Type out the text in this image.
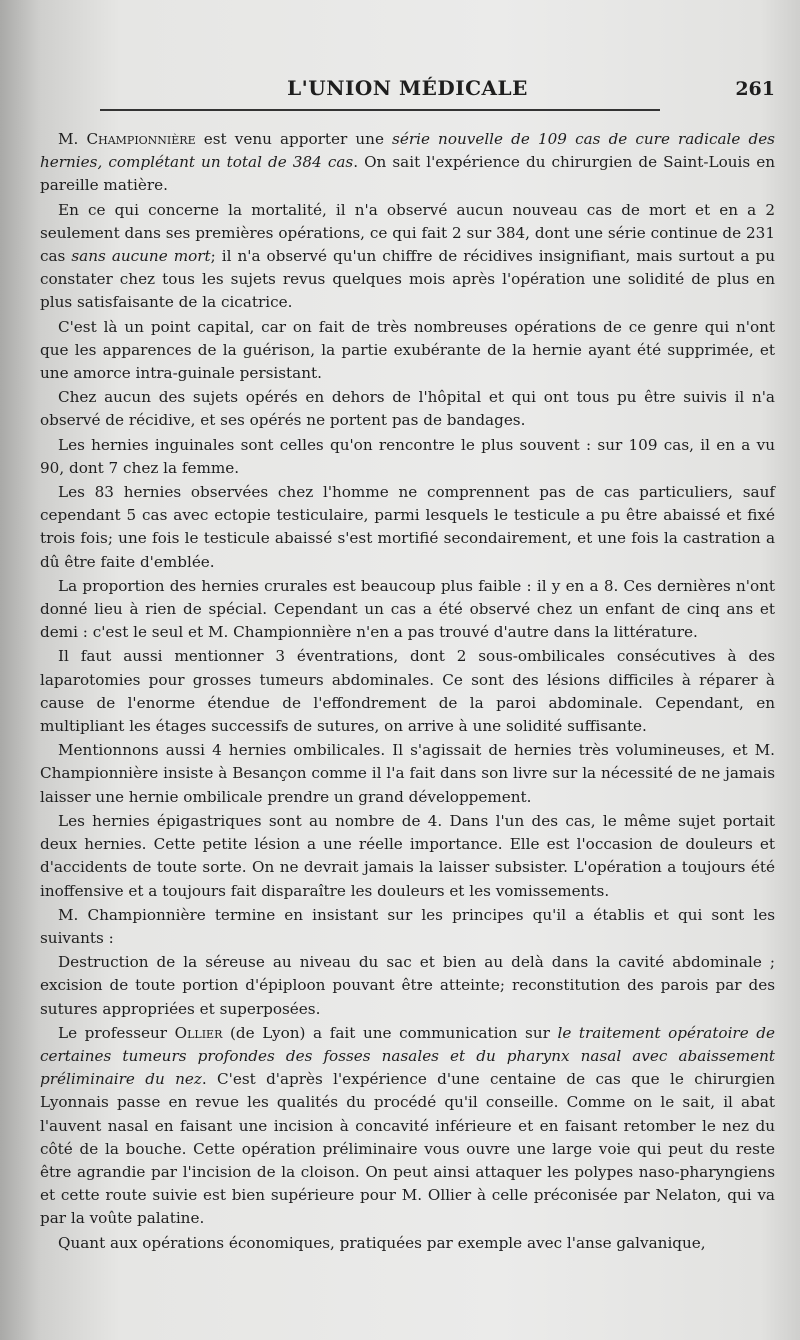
L'UNION MÉDICALE	261

M. Championnière est venu apporter une série nouvelle de 109 cas de cure radicale des hernies, complétant un total de 384 cas. On sait l'expérience du chirurgien de Saint-Louis en pareille matière.

En ce qui concerne la mortalité, il n'a observé aucun nouveau cas de mort et en a 2 seulement dans ses premières opérations, ce qui fait 2 sur 384, dont une série continue de 231 cas sans aucune mort; il n'a observé qu'un chiffre de récidives insignifiant, mais surtout a pu constater chez tous les sujets revus quelques mois après l'opération une solidité de plus en plus satisfaisante de la cicatrice.

C'est là un point capital, car on fait de très nombreuses opérations de ce genre qui n'ont que les apparences de la guérison, la partie exubérante de la hernie ayant été supprimée, et une amorce intra-guinale persistant.

Chez aucun des sujets opérés en dehors de l'hôpital et qui ont tous pu être suivis il n'a observé de récidive, et ses opérés ne portent pas de bandages.

Les hernies inguinales sont celles qu'on rencontre le plus souvent : sur 109 cas, il en a vu 90, dont 7 chez la femme.

Les 83 hernies observées chez l'homme ne comprennent pas de cas particuliers, sauf cependant 5 cas avec ectopie testiculaire, parmi lesquels le testicule a pu être abaissé et fixé trois fois; une fois le testicule abaissé s'est mortifié secondairement, et une fois la castration a dû être faite d'emblée.

La proportion des hernies crurales est beaucoup plus faible : il y en a 8. Ces dernières n'ont donné lieu à rien de spécial. Cependant un cas a été observé chez un enfant de cinq ans et demi : c'est le seul et M. Championnière n'en a pas trouvé d'autre dans la littérature.

Il faut aussi mentionner 3 éventrations, dont 2 sous-ombilicales consécutives à des laparotomies pour grosses tumeurs abdominales. Ce sont des lésions difficiles à réparer à cause de l'enorme étendue de l'effondrement de la paroi abdominale. Cependant, en multipliant les étages successifs de sutures, on arrive à une solidité suffisante.

Mentionnons aussi 4 hernies ombilicales. Il s'agissait de hernies très volumineuses, et M. Championnière insiste à Besançon comme il l'a fait dans son livre sur la nécessité de ne jamais laisser une hernie ombilicale prendre un grand développement.

Les hernies épigastriques sont au nombre de 4. Dans l'un des cas, le même sujet portait deux hernies. Cette petite lésion a une réelle importance. Elle est l'occasion de douleurs et d'accidents de toute sorte. On ne devrait jamais la laisser subsister. L'opération a toujours été inoffensive et a toujours fait disparaître les douleurs et les vomissements.

M. Championnière termine en insistant sur les principes qu'il a établis et qui sont les suivants :

Destruction de la séreuse au niveau du sac et bien au delà dans la cavité abdominale ; excision de toute portion d'épiploon pouvant être atteinte; reconstitution des parois par des sutures appropriées et superposées.

Le professeur Ollier (de Lyon) a fait une communication sur le traitement opératoire de certaines tumeurs profondes des fosses nasales et du pharynx nasal avec abaissement préliminaire du nez. C'est d'après l'expérience d'une centaine de cas que le chirurgien Lyonnais passe en revue les qualités du procédé qu'il conseille. Comme on le sait, il abat l'auvent nasal en faisant une incision à concavité inférieure et en faisant retomber le nez du côté de la bouche. Cette opération préliminaire vous ouvre une large voie qui peut du reste être agrandie par l'incision de la cloison. On peut ainsi attaquer les polypes naso-pharyngiens et cette route suivie est bien supérieure pour M. Ollier à celle préconisée par Nelaton, qui va par la voûte palatine.

Quant aux opérations économiques, pratiquées par exemple avec l'anse galvanique,
